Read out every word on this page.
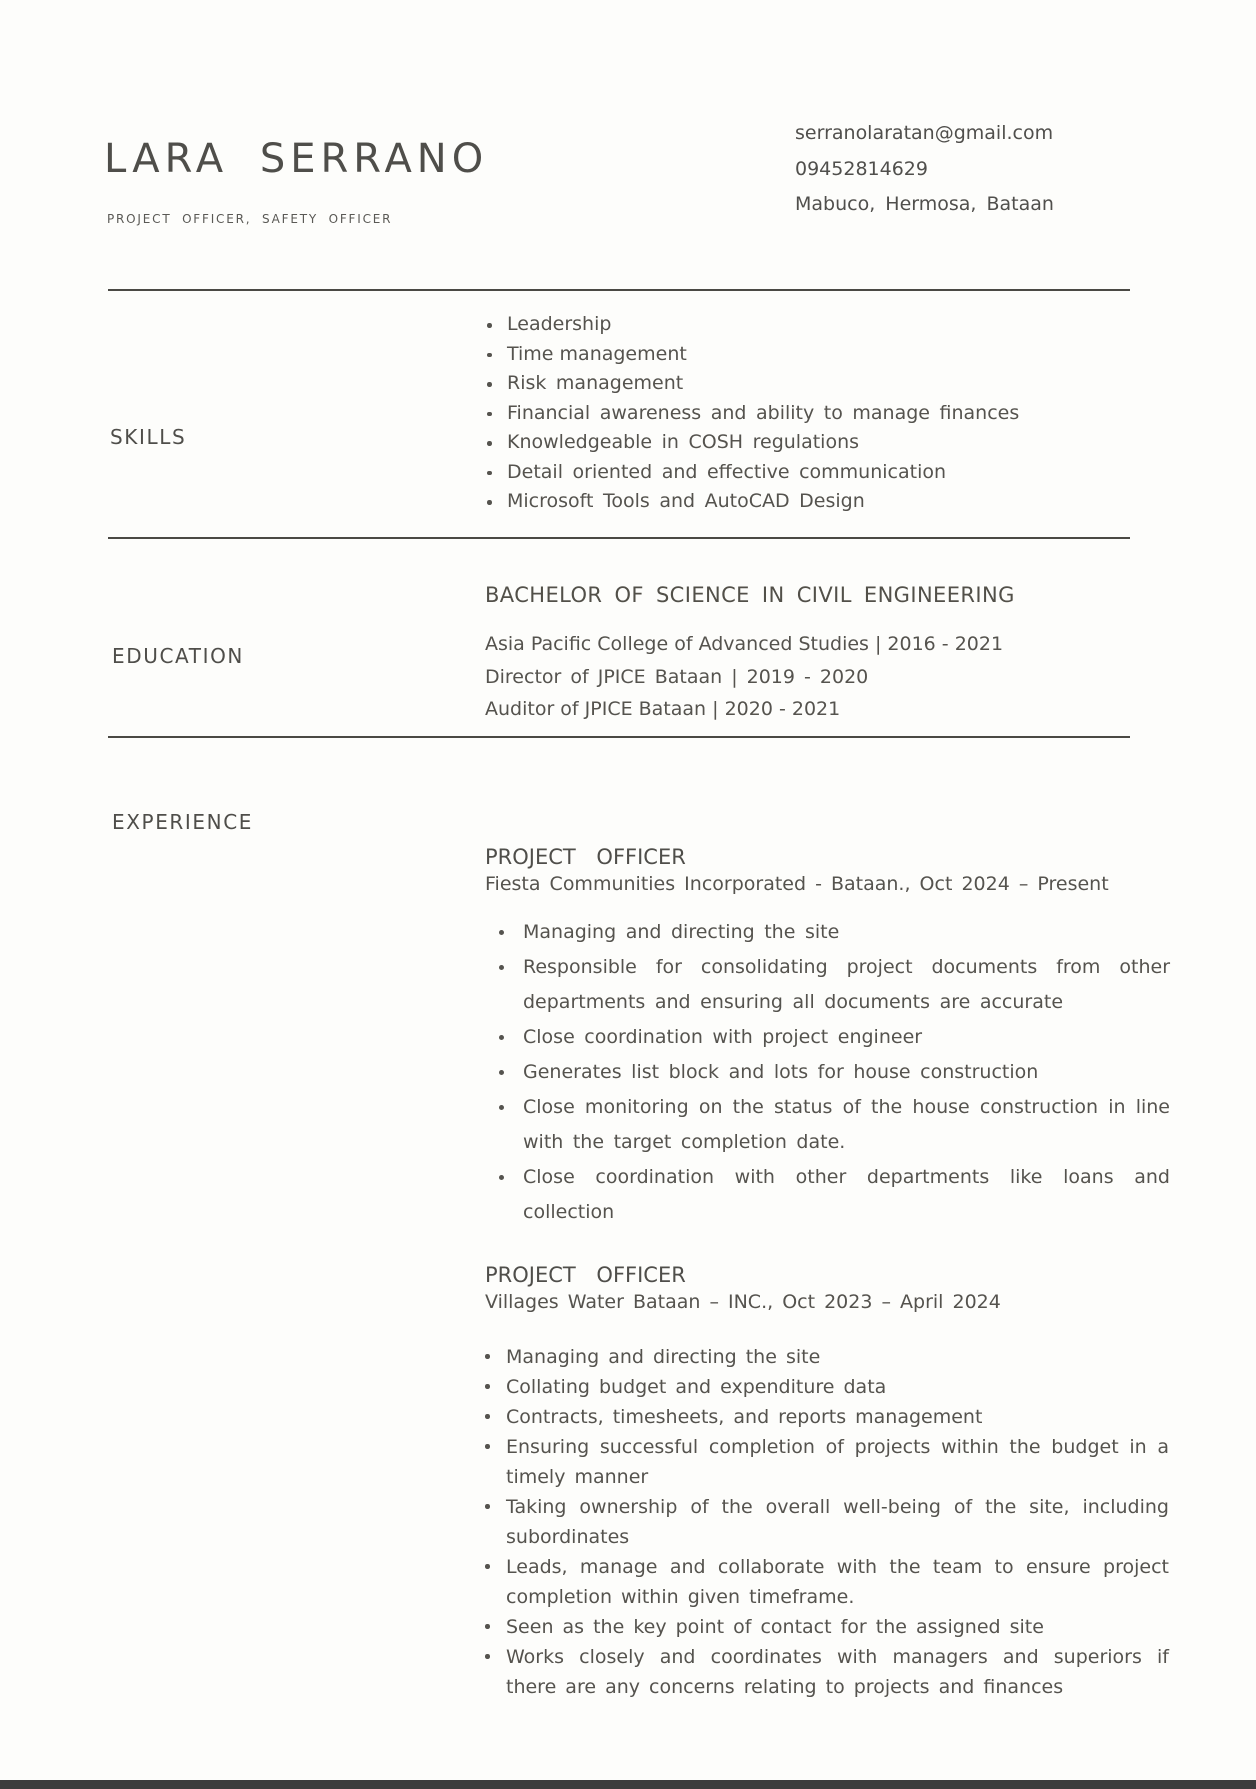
LARA SERRANO
PROJECT OFFICER, SAFETY OFFICER
serranolaratan@gmail.com
09452814629
Mabuco, Hermosa, Bataan
SKILLS
Leadership
Time management
Risk management
Financial awareness and ability to manage finances
Knowledgeable in COSH regulations
Detail oriented and effective communication
Microsoft Tools and AutoCAD Design
EDUCATION
BACHELOR OF SCIENCE IN CIVIL ENGINEERING
Asia Pacific College of Advanced Studies | 2016 - 2021
Director of JPICE Bataan | 2019 - 2020
Auditor of JPICE Bataan | 2020 - 2021
EXPERIENCE
PROJECT OFFICER
Fiesta Communities Incorporated - Bataan., Oct 2024 – Present
Managing and directing the site
Responsible for consolidating project documents from other departments and ensuring all documents are accurate
Close coordination with project engineer
Generates list block and lots for house construction
Close monitoring on the status of the house construction in line with the target completion date.
Close coordination with other departments like loans and collection
PROJECT OFFICER
Villages Water Bataan – INC., Oct 2023 – April 2024
Managing and directing the site
Collating budget and expenditure data
Contracts, timesheets, and reports management
Ensuring successful completion of projects within the budget in a timely manner
Taking ownership of the overall well-being of the site, including subordinates
Leads, manage and collaborate with the team to ensure project completion within given timeframe.
Seen as the key point of contact for the assigned site
Works closely and coordinates with managers and superiors if there are any concerns relating to projects and finances
